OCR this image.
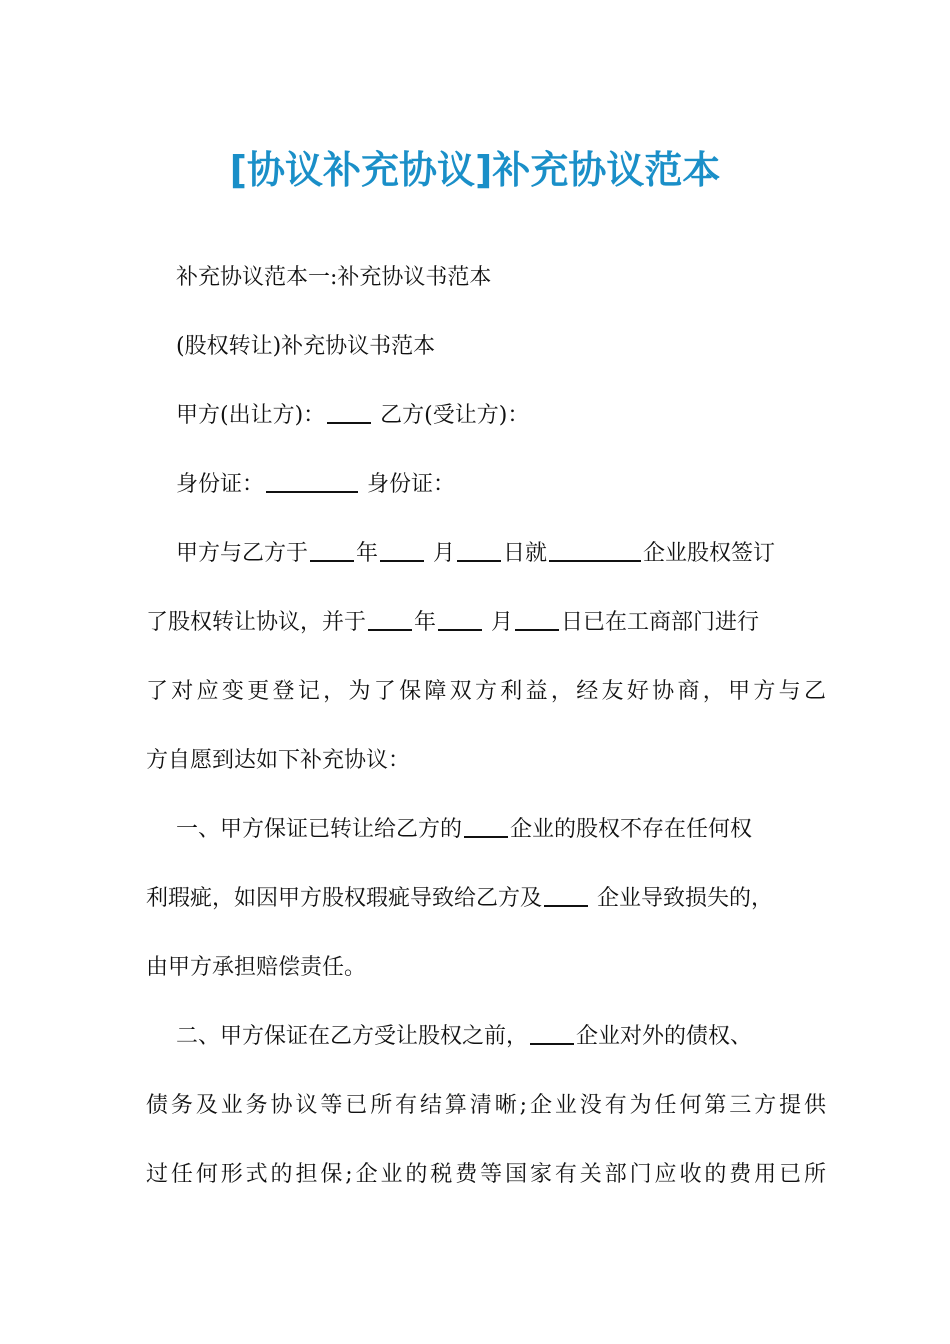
[协议补充协议]补充协议范本

补充协议范本一:补充协议书范本

(股权转让)补充协议书范本

甲方(出让方)： 乙方(受让方)：

身份证：	身份证：

甲方与乙方于 年 月 日就	企业股权签订

了股权转让协议，并于 年 月 日已在工商部门进行

了对应变更登记，为了保障双方利益，经友好协商，甲方与乙

方自愿到达如下补充协议：

一、甲方保证已转让给乙方的 企业的股权不存在任何权

利瑕疵，如因甲方股权瑕疵导致给乙方及 企业导致损失的，

由甲方承担赔偿责任。

二、甲方保证在乙方受让股权之前， 企业对外的债权、

债务及业务协议等已所有结算清晰;企业没有为任何第三方提供

过任何形式的担保;企业的税费等国家有关部门应收的费用已所
